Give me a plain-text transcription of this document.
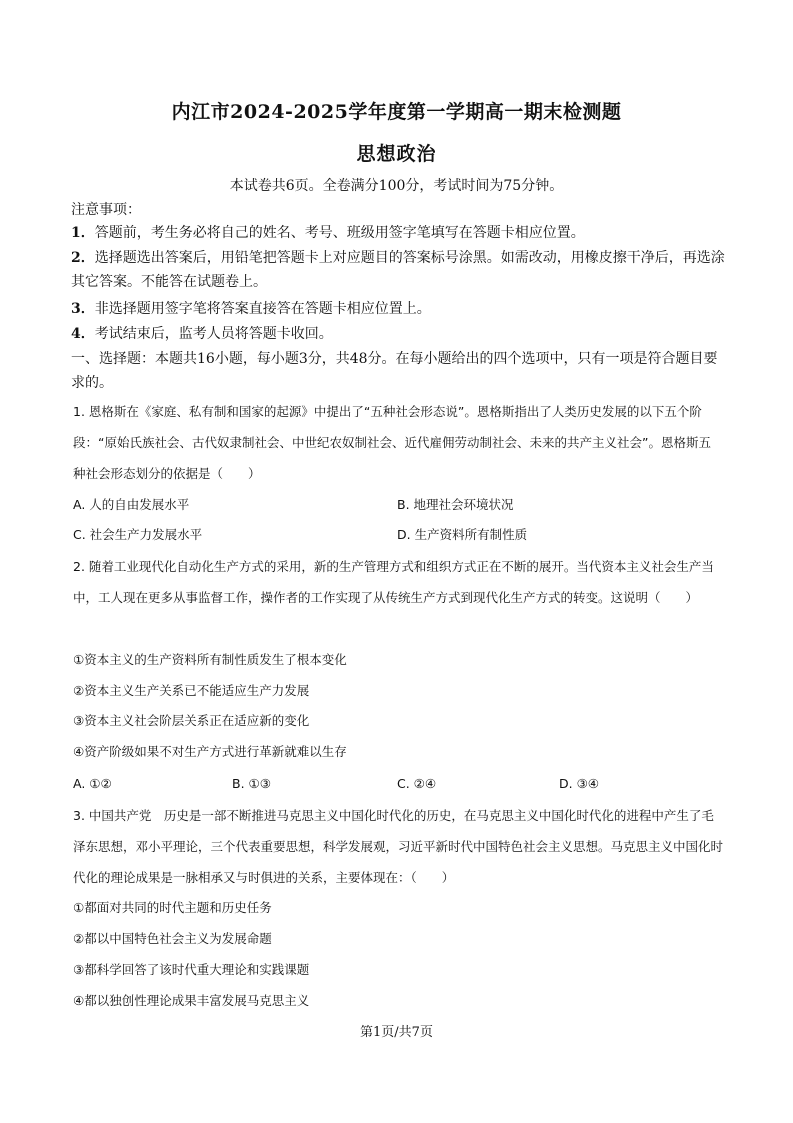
内江市2024-2025学年度第一学期高一期末检测题
思想政治
本试卷共6页。全卷满分100分，考试时间为75分钟。
注意事项：
1．答题前，考生务必将自己的姓名、考号、班级用签字笔填写在答题卡相应位置。
2．选择题选出答案后，用铅笔把答题卡上对应题目的答案标号涂黑。如需改动，用橡皮擦干净后，再选涂其它答案。不能答在试题卷上。
3．非选择题用签字笔将答案直接答在答题卡相应位置上。
4．考试结束后，监考人员将答题卡收回。
一、选择题：本题共16小题，每小题3分，共48分。在每小题给出的四个选项中，只有一项是符合题目要求的。
1. 恩格斯在《家庭、私有制和国家的起源》中提出了“五种社会形态说”。恩格斯指出了人类历史发展的以下五个阶段：“原始氏族社会、古代奴隶制社会、中世纪农奴制社会、近代雇佣劳动制社会、未来的共产主义社会”。恩格斯五种社会形态划分的依据是（　　）
A. 人的自由发展水平	B. 地理社会环境状况
C. 社会生产力发展水平	D. 生产资料所有制性质
2. 随着工业现代化自动化生产方式的采用，新的生产管理方式和组织方式正在不断的展开。当代资本主义社会生产当中，工人现在更多从事监督工作，操作者的工作实现了从传统生产方式到现代化生产方式的转变。这说明（　　）
①资本主义的生产资料所有制性质发生了根本变化
②资本主义生产关系已不能适应生产力发展
③资本主义社会阶层关系正在适应新的变化
④资产阶级如果不对生产方式进行革新就难以生存
A. ①②	B. ①③	C. ②④	D. ③④
3. 中国共产党　历史是一部不断推进马克思主义中国化时代化的历史，在马克思主义中国化时代化的进程中产生了毛泽东思想，邓小平理论，三个代表重要思想，科学发展观，习近平新时代中国特色社会主义思想。马克思主义中国化时代化的理论成果是一脉相承又与时俱进的关系，主要体现在：（　　）
①都面对共同的时代主题和历史任务
②都以中国特色社会主义为发展命题
③都科学回答了该时代重大理论和实践课题
④都以独创性理论成果丰富发展马克思主义
第1页/共7页
